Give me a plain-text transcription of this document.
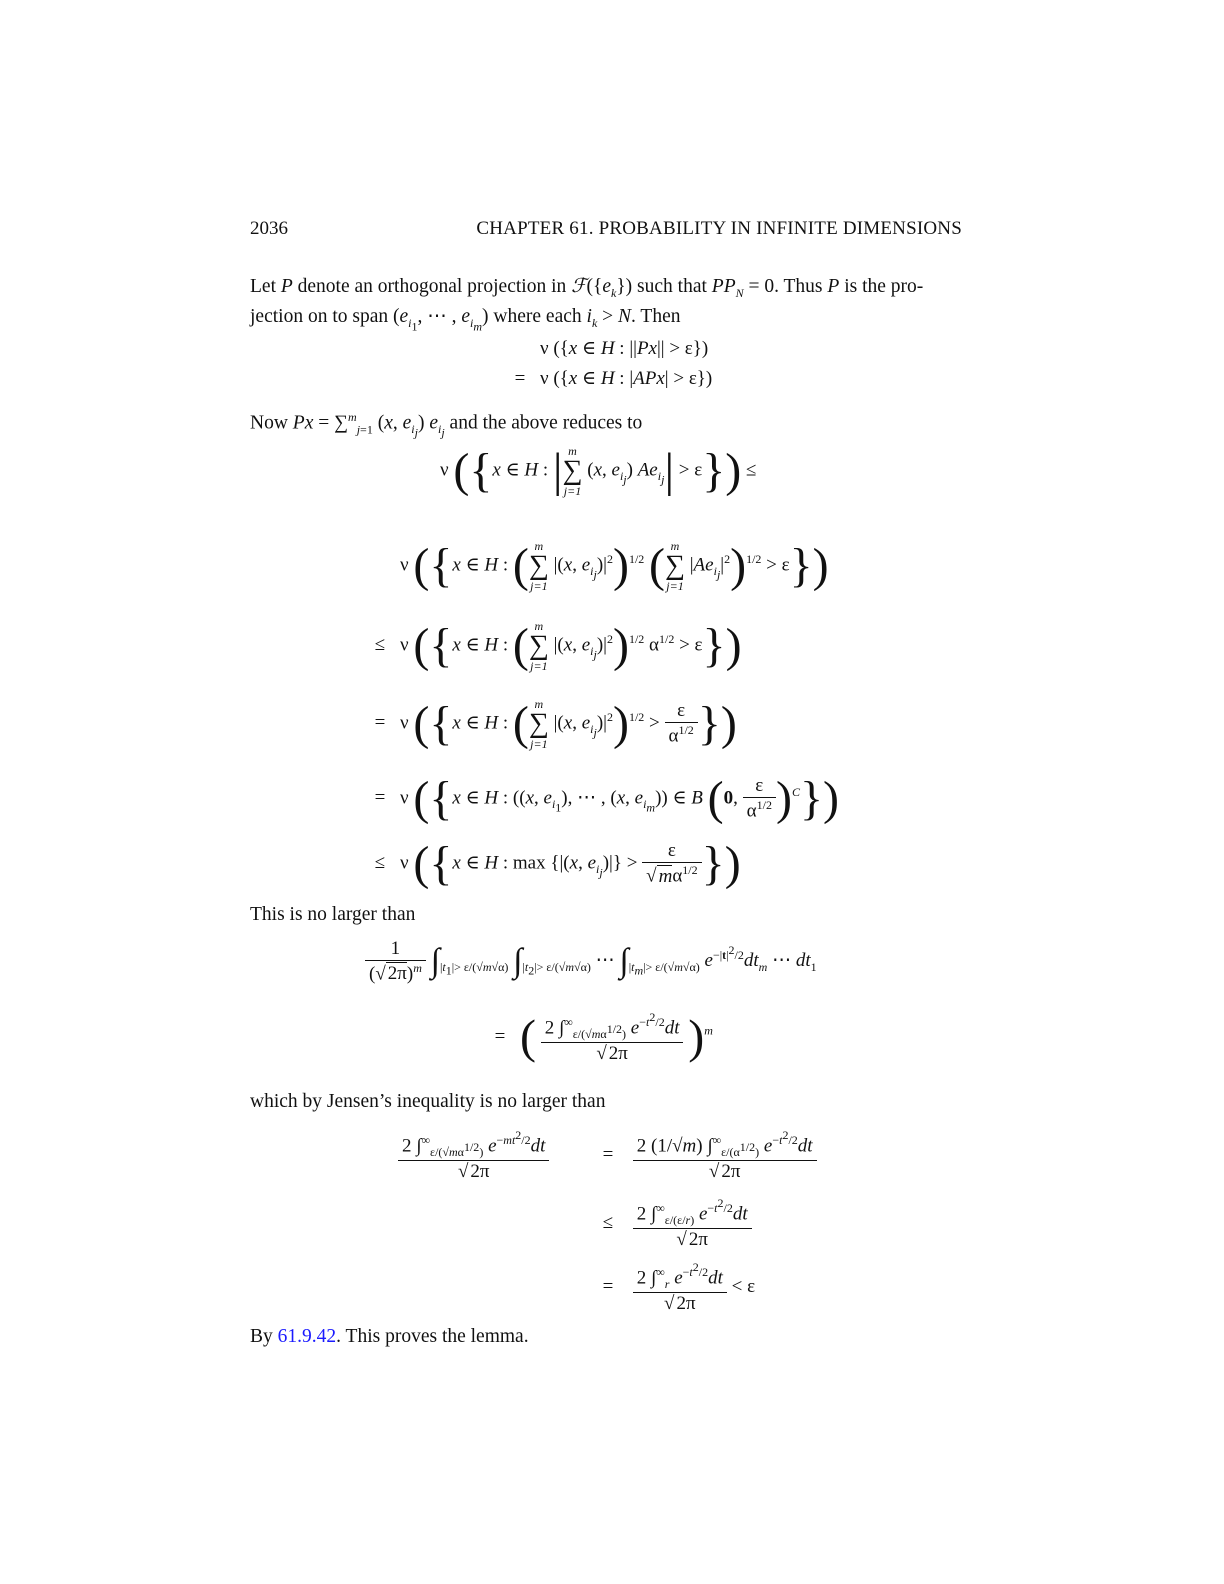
2036	CHAPTER 61. PROBABILITY IN INFINITE DIMENSIONS
Let P denote an orthogonal projection in $ℱ(\{e_k\})$ such that $PP_N = 0$. Thus P is the pro-
jection on to span ($e_{i_1}$, ⋯ , $e_{i_m}$) where each $i_k > N$. Then
ν ({x ∈ H : ||Px|| > ε})
= ν ({x ∈ H : |APx| > ε})
Now Px = ∑$^m_{j=1}$ (x, $e_{i_j}$) $e_{i_j}$ and the above reduces to
ν ({x ∈ H : | m
∑
j=1
(x, $e_{i_j}$) $Ae_{i_j}| > \varepsilon$}) ≤
ν ({x ∈ H : ( m
∑
j=1
|(x, $e_{i_j})|^2)^{1/2}$ ( m
∑
j=1
$|Ae_{i_j}|^2)^{1/2} > \varepsilon$})
≤ ν ({x ∈ H : ( m
∑
j=1
|(x, $e_{i_j})|^2)^{1/2}$ $\alpha^{1/2} > \varepsilon$})
= ν ({x ∈ H : ( m
∑
j=1
|(x, $e_{i_j})|^2)^{1/2} > \frac{\varepsilon}{\alpha^{1/2}}$ })
= ν ({x ∈ H : ((x, $e_{i_1}$), ⋯ , (x, $e_{i_m}$)) ∈ B (0, $\frac{\varepsilon}{\alpha^{1/2}} )^C$})
≤ ν ({x ∈ H : max {|(x, $e_{i_j})|\} > \frac{\varepsilon}{√ m\alpha^{1/2}}$ })
This is no larger than
$\frac{1}{(√ 2\pi)^m} \int_{|t_1|> \varepsilon/(√m√\alpha)}$ $\int_{|t_2|> \varepsilon/(√m√\alpha)}$ ⋯ $\int_{|t_m|> \varepsilon/(√m√\alpha)}$ $e^{-|t|^2/2}dt_m$ ⋯ $dt_1$
= ( $\frac{2 \int^\infty_{\varepsilon/(√m\alpha^{1/2})} e^{-t^2/2}dt}{√ 2\pi} )^m$
which by Jensen’s inequality is no larger than
$\frac{2 \int^\infty_{\varepsilon/(√m\alpha^{1/2})} e^{-mt^2/2}dt}{√ 2\pi}$	= $\frac{2 (1/√m) \int^\infty_{\varepsilon/(\alpha^{1/2})} e^{-t^2/2}dt}{√ 2\pi}$
≤ $\frac{2 \int^\infty_{\varepsilon/(\varepsilon/r)} e^{-t^2/2}dt}{√ 2\pi}$
= $\frac{2 \int^\infty_r e^{-t^2/2}dt}{√ 2\pi} < \varepsilon$
By 61.9.42. This proves the lemma.
